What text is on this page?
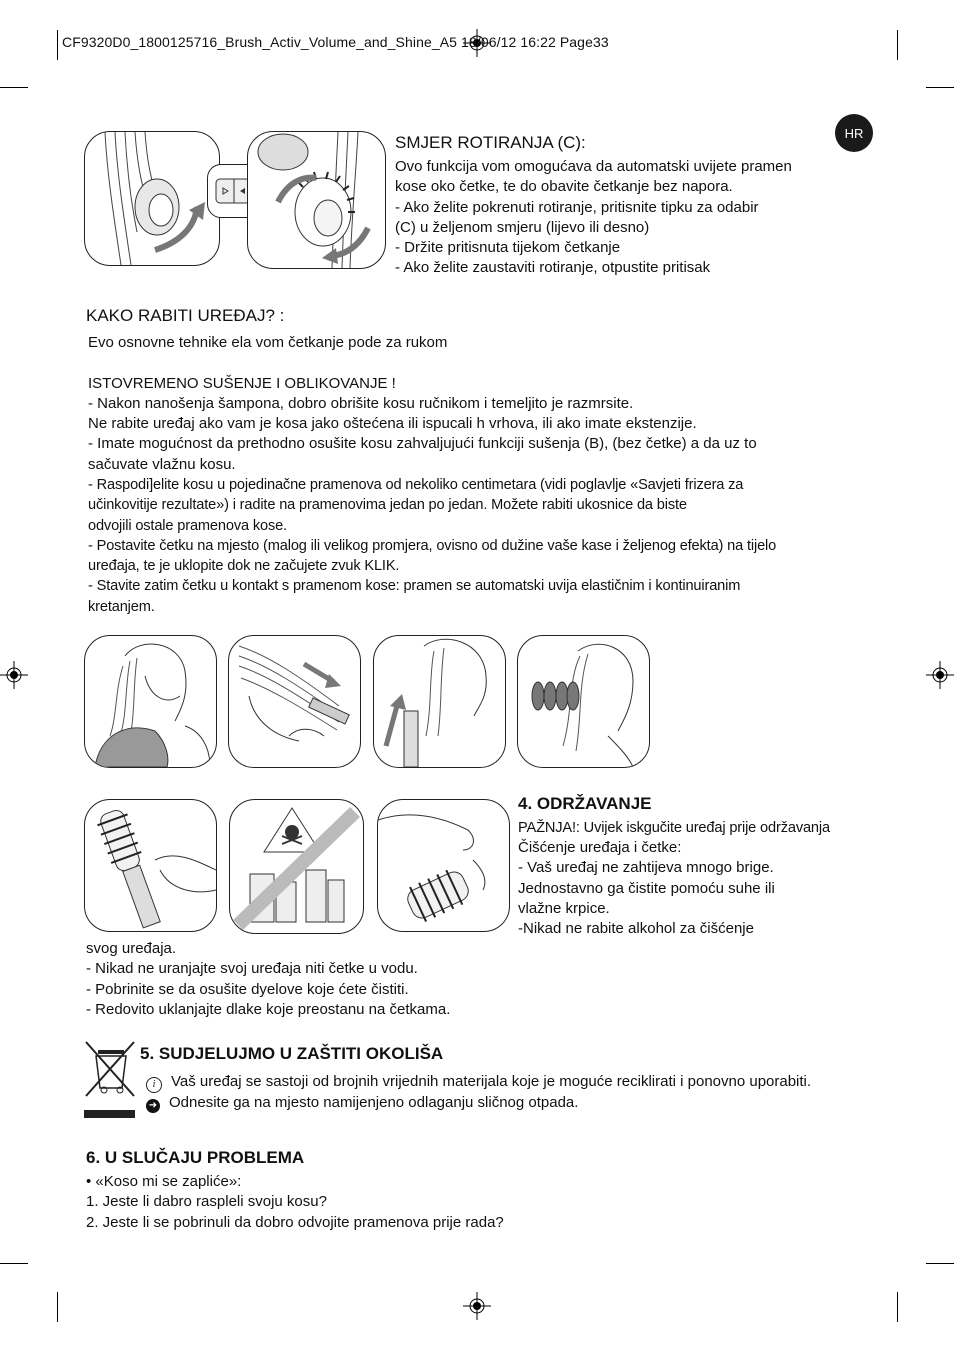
CF9320D0_1800125716_Brush_Activ_Volume_and_Shine_A5 18/06/12 16:22 Page33
HR
SMJER ROTIRANJA (C):
Ovo funkcija vom omogućava da automatski uvijete pramen
kose oko četke, te do obavite četkanje bez napora.
- Ako želite pokrenuti rotiranje, pritisnite tipku za odabir
(C) u željenom smjeru (lijevo ili desno)
- Držite pritisnuta tijekom četkanje
- Ako želite zaustaviti rotiranje, otpustite pritisak
KAKO RABITI UREĐAJ? :
Evo osnovne tehnike ela vom četkanje pode za rukom
ISTOVREMENO SUŠENJE I OBLIKOVANJE !
- Nakon nanošenja šampona, dobro obrišite kosu ručnikom i temeljito je razmrsite.
Ne rabite uređaj ako vam je kosa jako oštećena ili ispucali h vrhova, ili ako imate ekstenzije.
- Imate mogućnost da prethodno osušite kosu zahvaljujući funkciji sušenja (B), (bez četke) a da uz to
sačuvate vlažnu kosu.
- Raspodi]elite kosu u pojedinačne pramenova od nekoliko centimetara (vidi poglavlje «Savjeti frizera za
učinkovitije rezultate») i radite na pramenovima jedan po jedan. Možete rabiti ukosnice da biste
odvojili ostale pramenova kose.
- Postavite četku na mjesto (malog ili velikog promjera, ovisno od dužine vaše kase i željenog efekta) na tijelo
uređaja, te je uklopite dok ne začujete zvuk KLIK.
- Stavite zatim četku u kontakt s pramenom kose: pramen se automatski uvija elastičnim i kontinuiranim
kretanjem.
4. ODRŽAVANJE
PAŽNJA!: Uvijek iskgučite uređaj prije održavanja
Čišćenje uređaja i četke:
- Vaš uređaj ne zahtijeva mnogo brige.
Jednostavno ga čistite pomoću suhe ili
vlažne krpice.
-Nikad ne rabite alkohol za čišćenje
svog uređaja.
- Nikad ne uranjajte svoj uređaja niti četke u vodu.
- Pobrinite se da osušite dyelove koje ćete čistiti.
- Redovito uklanjajte dlake koje preostanu na četkama.
5. SUDJELUJMO U ZAŠTITI OKOLIŠA
i Vaš uređaj se sastoji od brojnih vrijednih materijala koje je moguće reciklirati i ponovno uporabiti.
➜ Odnesite ga na mjesto namijenjeno odlaganju sličnog otpada.
6. U SLUČAJU PROBLEMA
• «Koso mi se zapliće»:
1. Jeste li dabro raspleli svoju kosu?
2. Jeste li se pobrinuli da dobro odvojite pramenova prije rada?
